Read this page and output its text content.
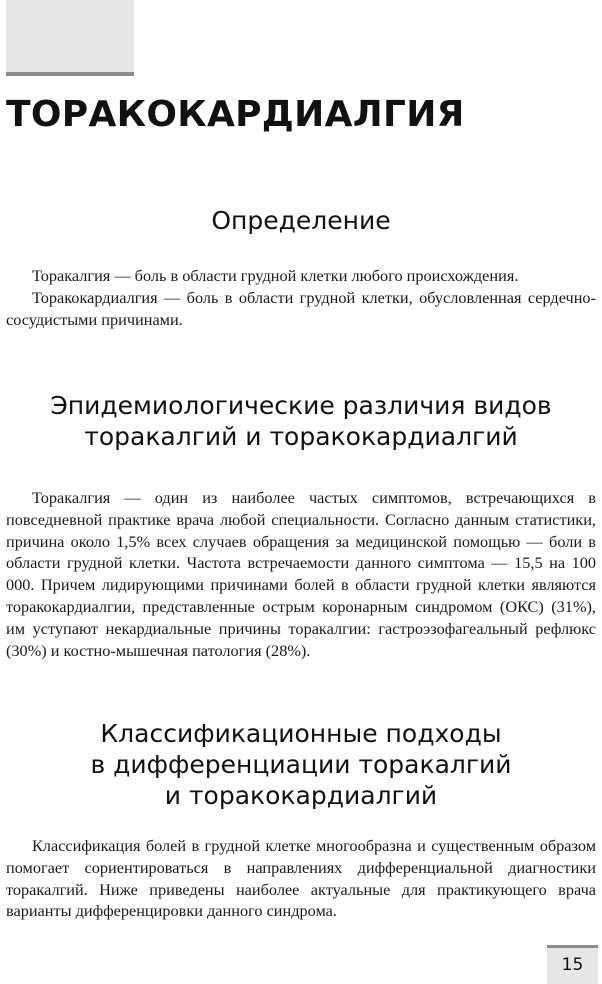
ТОРАКОКАРДИАЛГИЯ
Определение

Торакалгия — боль в области грудной клетки любого происхождения.

Торакокардиалгия — боль в области грудной клетки, обусловленная сердечно-сосудистыми причинами.

Эпидемиологические различия видов
торакалгий и торакокардиалгий

Торакалгия — один из наиболее частых симптомов, встречающихся в повседневной практике врача любой специальности. Согласно данным статистики, причина около 1,5% всех случаев обращения за медицинской помощью — боли в области грудной клетки. Частота встречаемости данного симптома — 15,5 на 100 000. Причем лидирующими причинами болей в области грудной клетки являются торакокардиалгии, представленные острым коронарным синдромом (ОКС) (31%), им уступают некардиальные причины торакалгии: гастроэзофагеальный рефлюкс (30%) и костно-мышечная патология (28%).

Классификационные подходы
в дифференциации торакалгий
и торакокардиалгий

Классификация болей в грудной клетке многообразна и существенным образом помогает сориентироваться в направлениях дифференциальной диагностики торакалгий. Ниже приведены наиболее актуальные для практикующего врача варианты дифференцировки данного синдрома.

15
